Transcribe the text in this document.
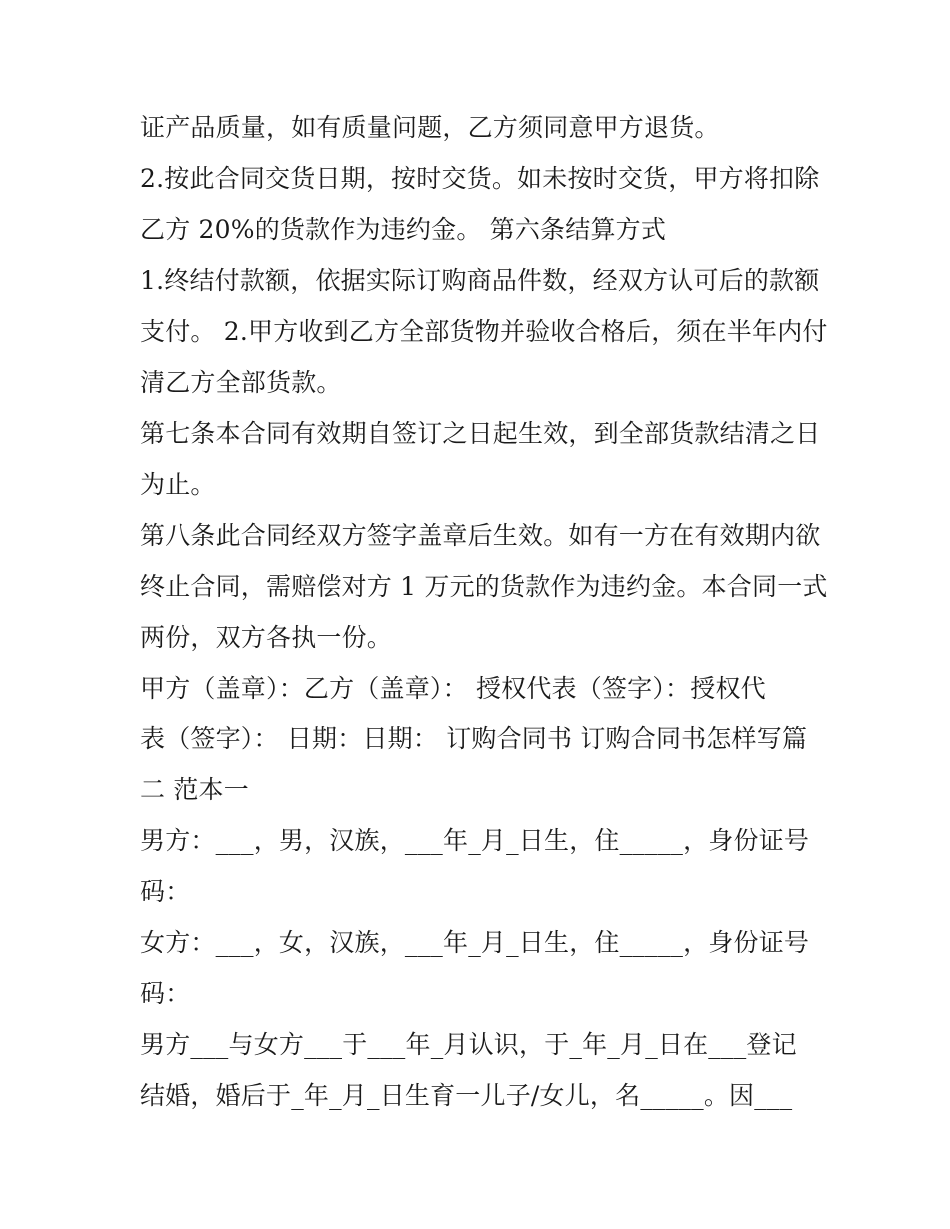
证产品质量，如有质量问题，乙方须同意甲方退货。
2.按此合同交货日期，按时交货。如未按时交货，甲方将扣除
乙方 20%的货款作为违约金。 第六条结算方式
1.终结付款额，依据实际订购商品件数，经双方认可后的款额
支付。 2.甲方收到乙方全部货物并验收合格后，须在半年内付
清乙方全部货款。
第七条本合同有效期自签订之日起生效，到全部货款结清之日
为止。
第八条此合同经双方签字盖章后生效。如有一方在有效期内欲
终止合同，需赔偿对方 1 万元的货款作为违约金。本合同一式
两份，双方各执一份。
甲方（盖章）：乙方（盖章）： 授权代表（签字）：授权代
表（签字）： 日期：日期： 订购合同书 订购合同书怎样写篇
二 范本一
男方：___，男，汉族，___年_月_日生，住_____，身份证号
码：
女方：___，女，汉族，___年_月_日生，住_____，身份证号
码：
男方___与女方___于___年_月认识，于_年_月_日在___登记
结婚，婚后于_年_月_日生育一儿子/女儿，名_____。因___
